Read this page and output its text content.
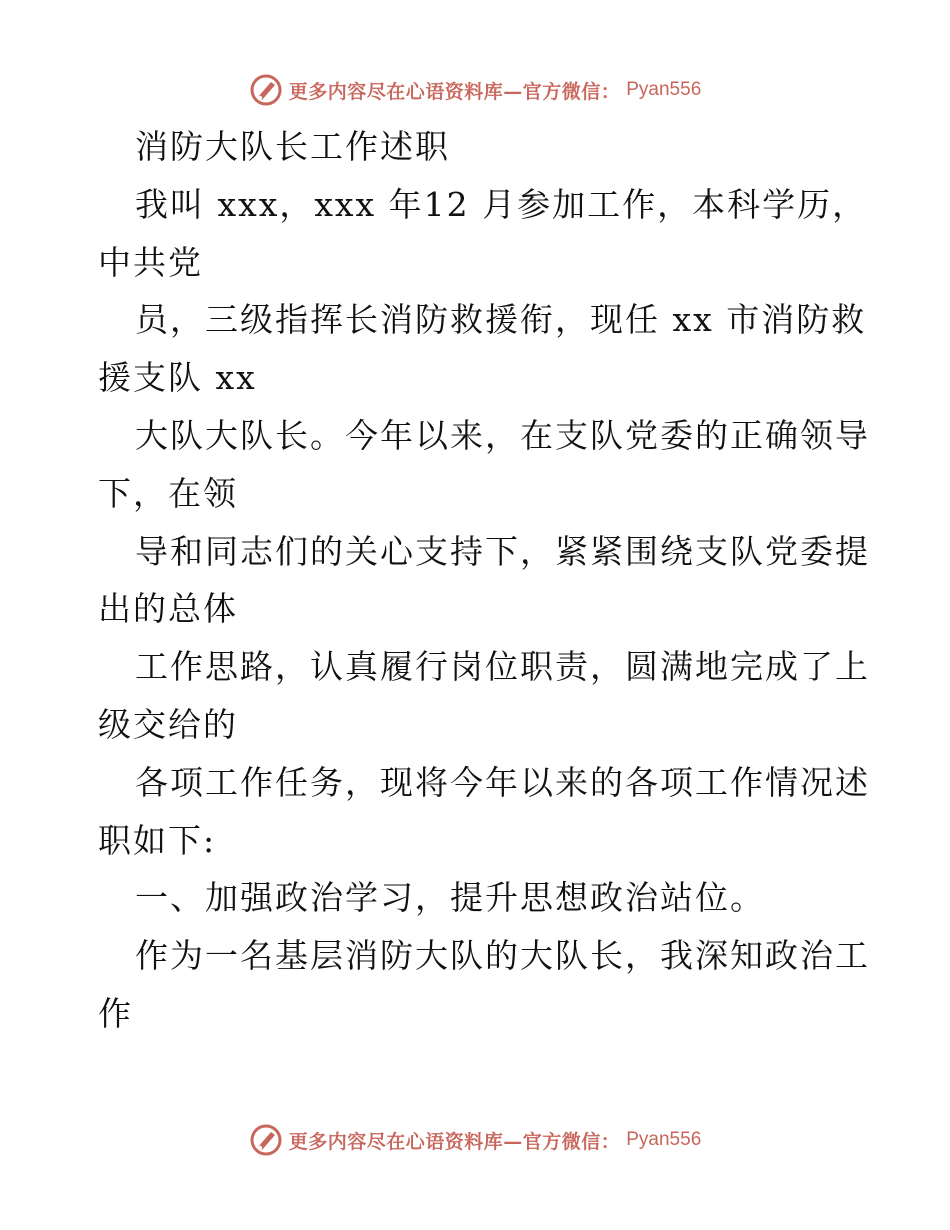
更多内容尽在心语资料库—官方微信： Pyan556
消防大队长工作述职
我叫 xxx，xxx 年12 月参加工作，本科学历，
中共党
员，三级指挥长消防救援衔，现任 xx 市消防救
援支队 xx
大队大队长。今年以来，在支队党委的正确领导
下，在领
导和同志们的关心支持下，紧紧围绕支队党委提
出的总体
工作思路，认真履行岗位职责，圆满地完成了上
级交给的
各项工作任务，现将今年以来的各项工作情况述
职如下:
一、加强政治学习，提升思想政治站位。
作为一名基层消防大队的大队长，我深知政治工
作
更多内容尽在心语资料库—官方微信： Pyan556
